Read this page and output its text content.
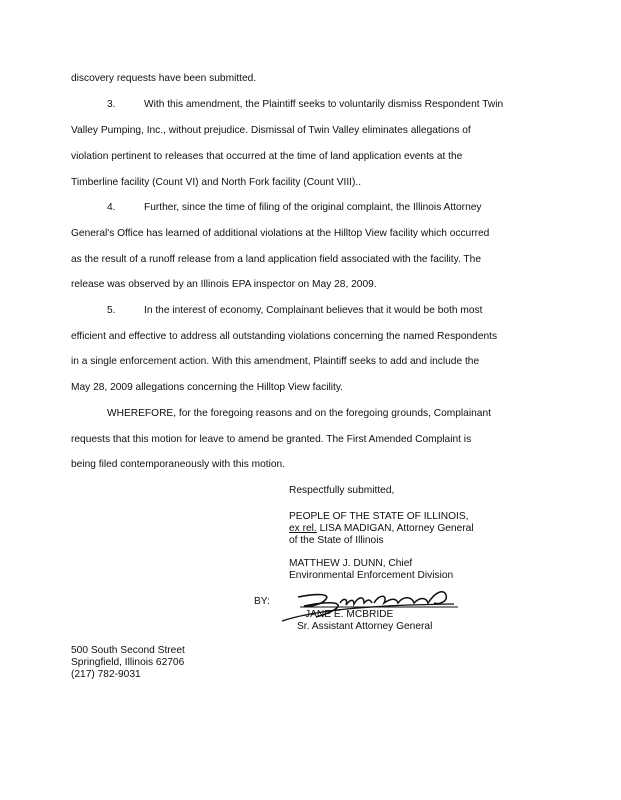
discovery requests have been submitted.
3.	With this amendment, the Plaintiff seeks to voluntarily dismiss Respondent Twin
Valley Pumping, Inc., without prejudice. Dismissal of Twin Valley eliminates allegations of
violation pertinent to releases that occurred at the time of land application events at the
Timberline facility (Count VI) and North Fork facility (Count VIII)..
4.	Further, since the time of filing of the original complaint, the Illinois Attorney
General's Office has learned of additional violations at the Hilltop View facility which occurred
as the result of a runoff release from a land application field associated with the facility. The
release was observed by an Illinois EPA inspector on May 28, 2009.
5.	In the interest of economy, Complainant believes that it would be both most
efficient and effective to address all outstanding violations concerning the named Respondents
in a single enforcement action. With this amendment, Plaintiff seeks to add and include the
May 28, 2009 allegations concerning the Hilltop View facility.
WHEREFORE, for the foregoing reasons and on the foregoing grounds, Complainant
requests that this motion for leave to amend be granted. The First Amended Complaint is
being filed contemporaneously with this motion.
Respectfully submitted,
PEOPLE OF THE STATE OF ILLINOIS,
ex rel. LISA MADIGAN, Attorney General
of the State of Illinois
MATTHEW J. DUNN, Chief
Environmental Enforcement Division
BY:
JANE E. MCBRIDE
Sr. Assistant Attorney General
500 South Second Street
Springfield, Illinois 62706
(217) 782-9031
